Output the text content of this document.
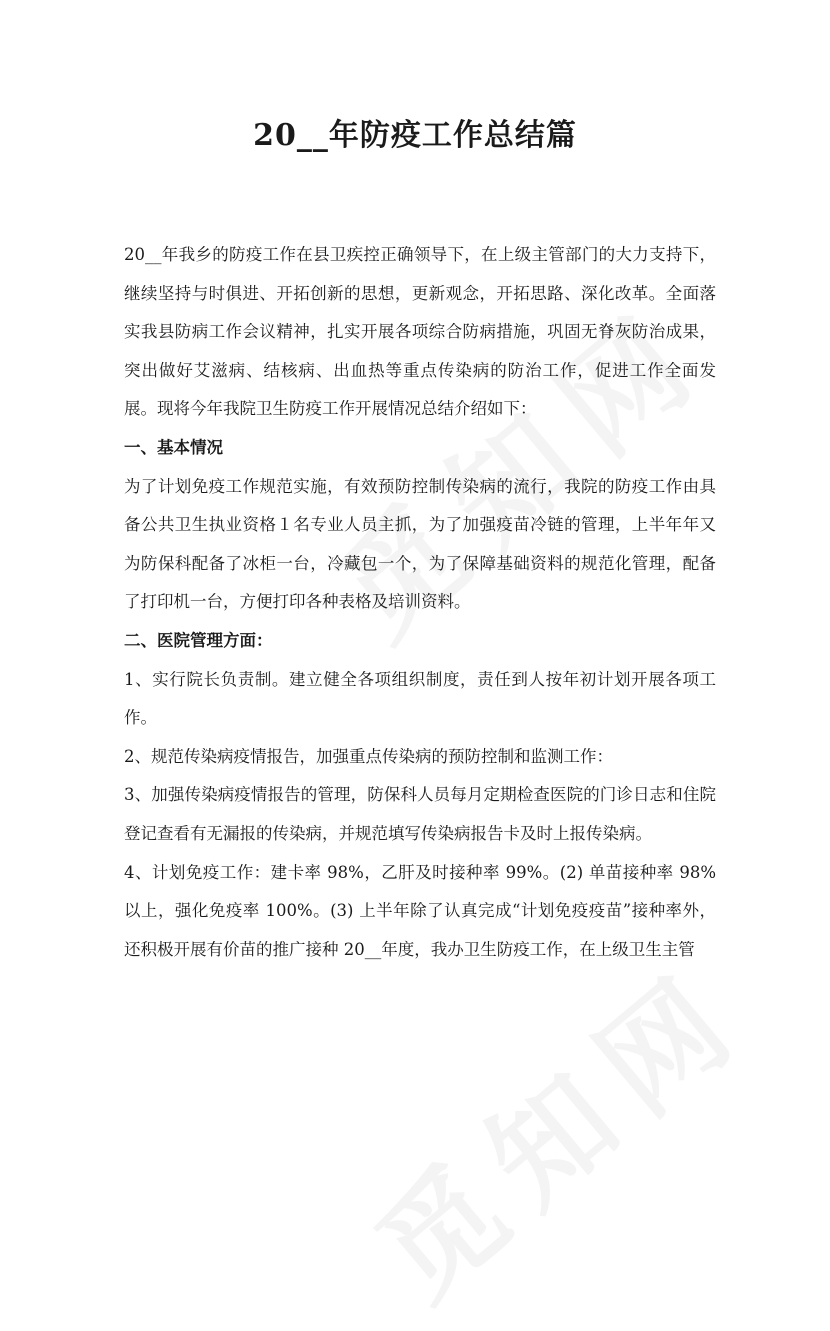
20__年防疫工作总结篇

20__年我乡的防疫工作在县卫疾控正确领导下，在上级主管部门的大力支持下，继续坚持与时俱进、开拓创新的思想，更新观念，开拓思路、深化改革。全面落实我县防病工作会议精神，扎实开展各项综合防病措施，巩固无脊灰防治成果，突出做好艾滋病、结核病、出血热等重点传染病的防治工作，促进工作全面发展。现将今年我院卫生防疫工作开展情况总结介绍如下：

一、基本情况

为了计划免疫工作规范实施，有效预防控制传染病的流行，我院的防疫工作由具备公共卫生执业资格１名专业人员主抓，为了加强疫苗冷链的管理，上半年年又为防保科配备了冰柜一台，冷藏包一个，为了保障基础资料的规范化管理，配备了打印机一台，方便打印各种表格及培训资料。

二、医院管理方面：

1、实行院长负责制。建立健全各项组织制度，责任到人按年初计划开展各项工作。

2、规范传染病疫情报告，加强重点传染病的预防控制和监测工作：

3、加强传染病疫情报告的管理，防保科人员每月定期检查医院的门诊日志和住院登记查看有无漏报的传染病，并规范填写传染病报告卡及时上报传染病。

4、计划免疫工作：建卡率 98%，乙肝及时接种率 99%。(2) 单苗接种率 98%以上，强化免疫率 100%。(3) 上半年除了认真完成“计划免疫疫苗”接种率外，还积极开展有价苗的推广接种 20__年度，我办卫生防疫工作，在上级卫生主管
